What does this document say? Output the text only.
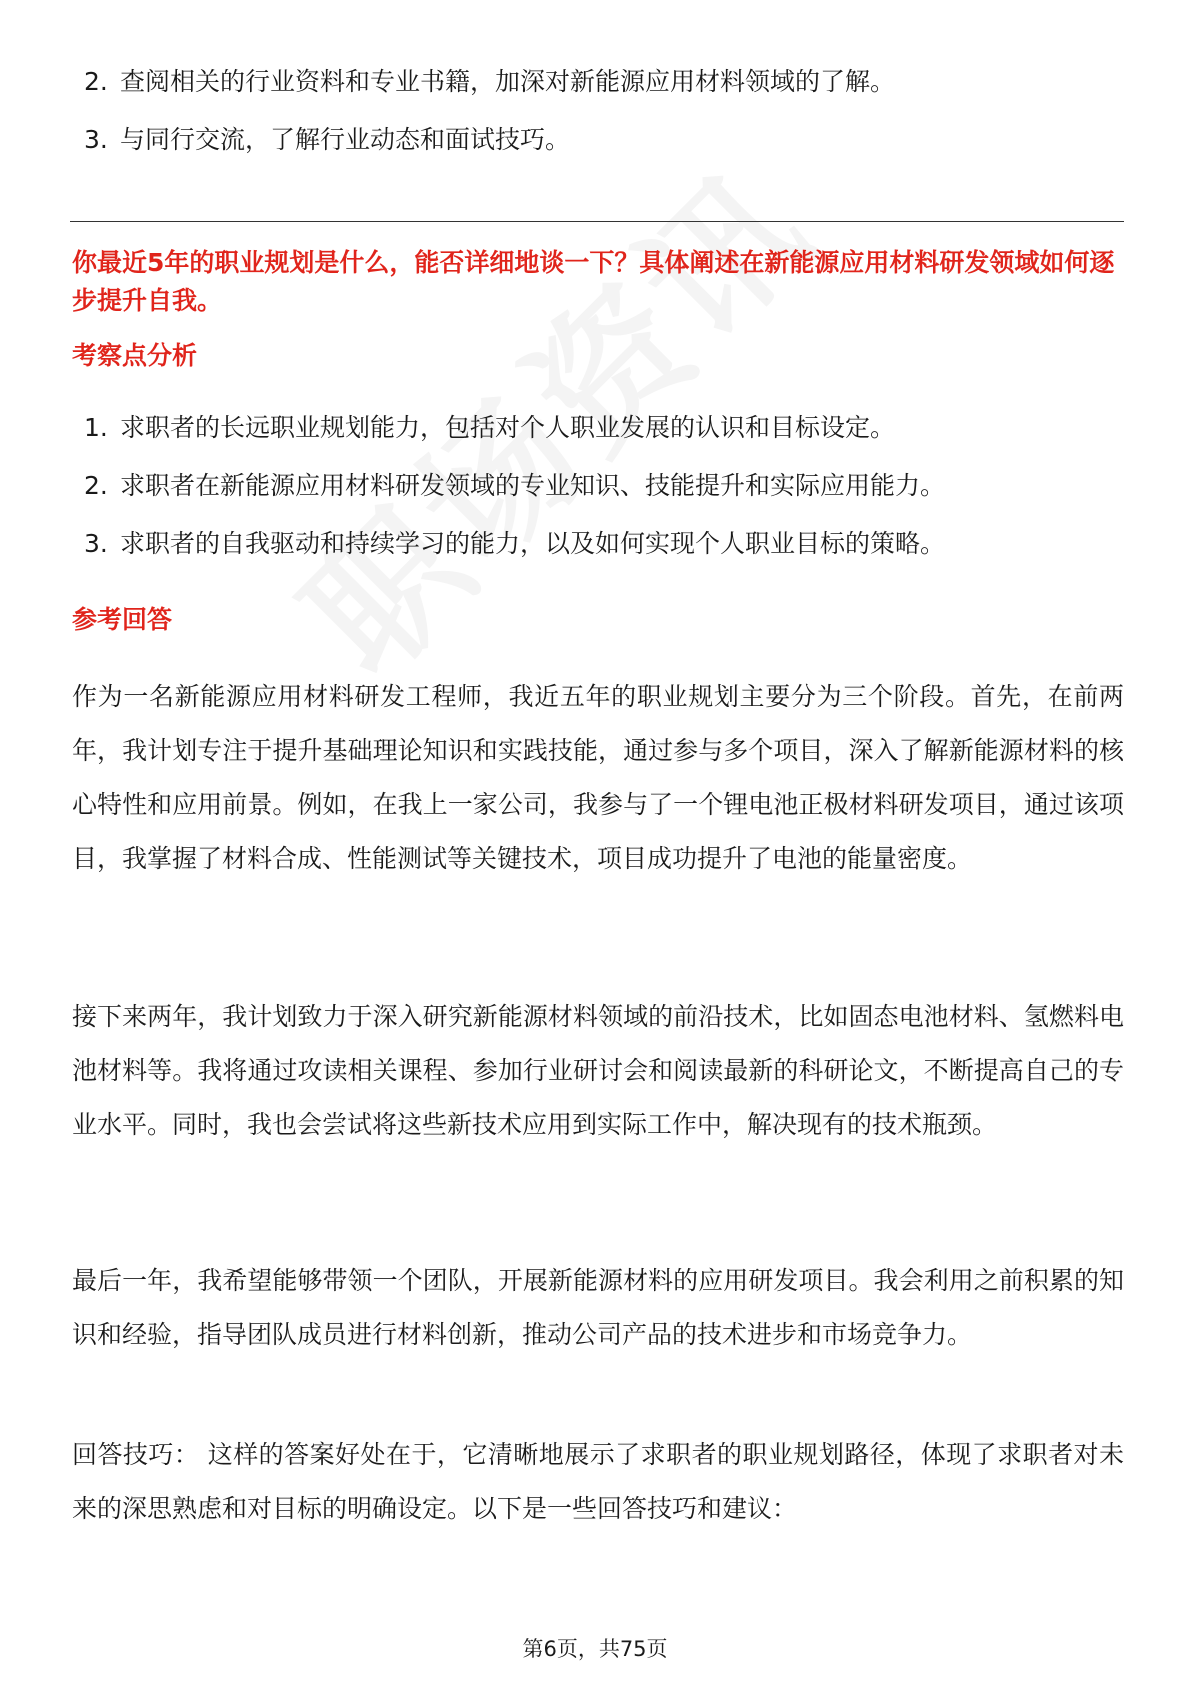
2. 查阅相关的行业资料和专业书籍，加深对新能源应用材料领域的了解。
3. 与同行交流，了解行业动态和面试技巧。

你最近5年的职业规划是什么，能否详细地谈一下？具体阐述在新能源应用材料研发领域如何逐步提升自我。

考察点分析
1. 求职者的长远职业规划能力，包括对个人职业发展的认识和目标设定。
2. 求职者在新能源应用材料研发领域的专业知识、技能提升和实际应用能力。
3. 求职者的自我驱动和持续学习的能力，以及如何实现个人职业目标的策略。
参考回答

作为一名新能源应用材料研发工程师，我近五年的职业规划主要分为三个阶段。首先，在前两年，我计划专注于提升基础理论知识和实践技能，通过参与多个项目，深入了解新能源材料的核心特性和应用前景。例如，在我上一家公司，我参与了一个锂电池正极材料研发项目，通过该项目，我掌握了材料合成、性能测试等关键技术，项目成功提升了电池的能量密度。

接下来两年，我计划致力于深入研究新能源材料领域的前沿技术，比如固态电池材料、氢燃料电池材料等。我将通过攻读相关课程、参加行业研讨会和阅读最新的科研论文，不断提高自己的专业水平。同时，我也会尝试将这些新技术应用到实际工作中，解决现有的技术瓶颈。

最后一年，我希望能够带领一个团队，开展新能源材料的应用研发项目。我会利用之前积累的知识和经验，指导团队成员进行材料创新，推动公司产品的技术进步和市场竞争力。

回答技巧： 这样的答案好处在于，它清晰地展示了求职者的职业规划路径，体现了求职者对未来的深思熟虑和对目标的明确设定。以下是一些回答技巧和建议：

第6页，共75页
